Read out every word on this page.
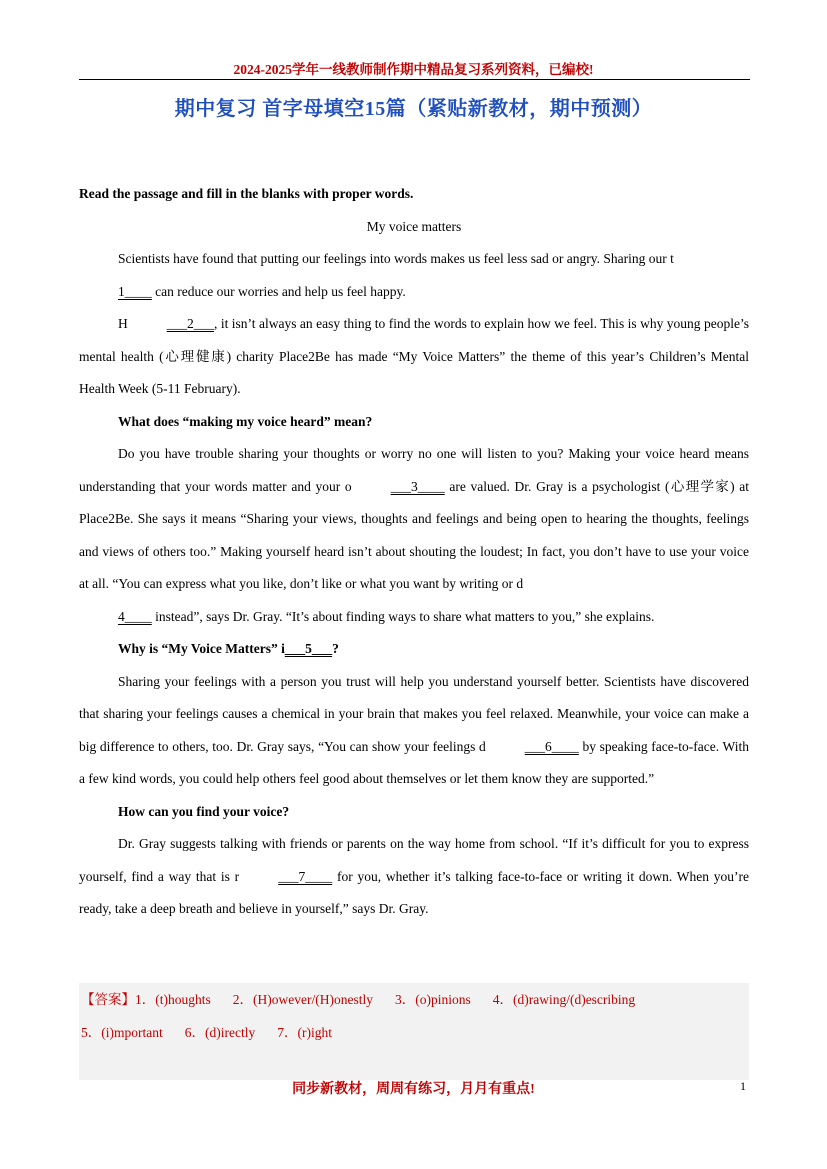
2024-2025学年一线教师制作期中精品复习系列资料，已编校!
期中复习 首字母填空15篇（紧贴新教材，期中预测）

Read the passage and fill in the blanks with proper words.

My voice matters

Scientists have found that putting our feelings into words makes us feel less sad or angry. Sharing our t
1____ can reduce our worries and help us feel happy.

H	___2___, it isn’t always an easy thing to find the words to explain how we feel. This is why young people’s mental health (心理健康) charity Place2Be has made “My Voice Matters” the theme of this year’s Children’s Mental Health Week (5-11 February).

What does “making my voice heard” mean?

Do you have trouble sharing your thoughts or worry no one will listen to you? Making your voice heard means understanding that your words matter and your o	___3____ are valued. Dr. Gray is a psychologist (心理学家) at Place2Be. She says it means “Sharing your views, thoughts and feelings and being open to hearing the thoughts, feelings and views of others too.” Making yourself heard isn’t about shouting the loudest; In fact, you don’t have to use your voice at all. “You can express what you like, don’t like or what you want by writing or d
4____ instead”, says Dr. Gray. “It’s about finding ways to share what matters to you,” she explains.

Why is “My Voice Matters” i___5___?

Sharing your feelings with a person you trust will help you understand yourself better. Scientists have discovered that sharing your feelings causes a chemical in your brain that makes you feel relaxed. Meanwhile, your voice can make a big difference to others, too. Dr. Gray says, “You can show your feelings d	___6____ by speaking face-to-face. With a few kind words, you could help others feel good about themselves or let them know they are supported.”

How can you find your voice?

Dr. Gray suggests talking with friends or parents on the way home from school. “If it’s difficult for you to express yourself, find a way that is r	___7____ for you, whether it’s talking face-to-face or writing it down. When you’re ready, take a deep breath and believe in yourself,” says Dr. Gray.

【答案】1．(t)houghts 2．(H)owever/(H)onestly 3．(o)pinions 4．(d)rawing/(d)escribing
5．(i)mportant 6．(d)irectly 7．(r)ight
同步新教材，周周有练习，月月有重点!	1
